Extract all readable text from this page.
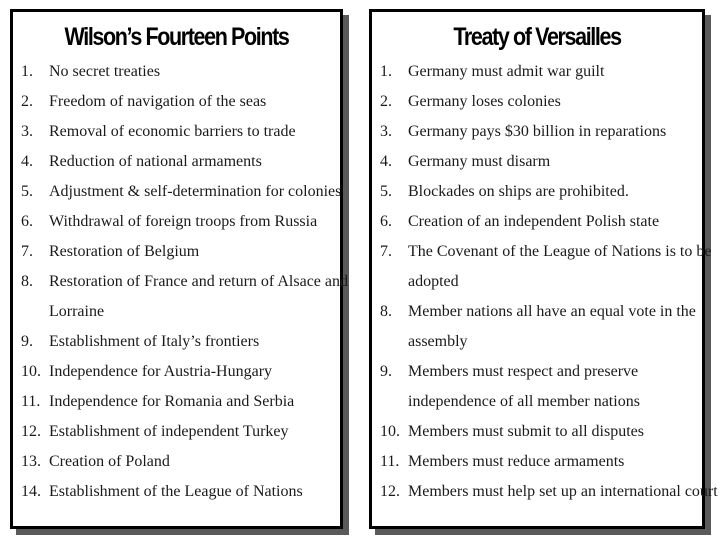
Wilson’s Fourteen Points
1. No secret treaties
2. Freedom of navigation of the seas
3. Removal of economic barriers to trade
4. Reduction of national armaments
5. Adjustment & self-determination for colonies
6. Withdrawal of foreign troops from Russia
7. Restoration of Belgium
8. Restoration of France and return of Alsace and
Lorraine
9. Establishment of Italy’s frontiers
10. Independence for Austria-Hungary
11. Independence for Romania and Serbia
12. Establishment of independent Turkey
13. Creation of Poland
14. Establishment of the League of Nations
Treaty of Versailles
1. Germany must admit war guilt
2. Germany loses colonies
3. Germany pays $30 billion in reparations
4. Germany must disarm
5. Blockades on ships are prohibited.
6. Creation of an independent Polish state
7. The Covenant of the League of Nations is to be
adopted
8. Member nations all have an equal vote in the
assembly
9. Members must respect and preserve
independence of all member nations
10. Members must submit to all disputes
11. Members must reduce armaments
12. Members must help set up an international court
